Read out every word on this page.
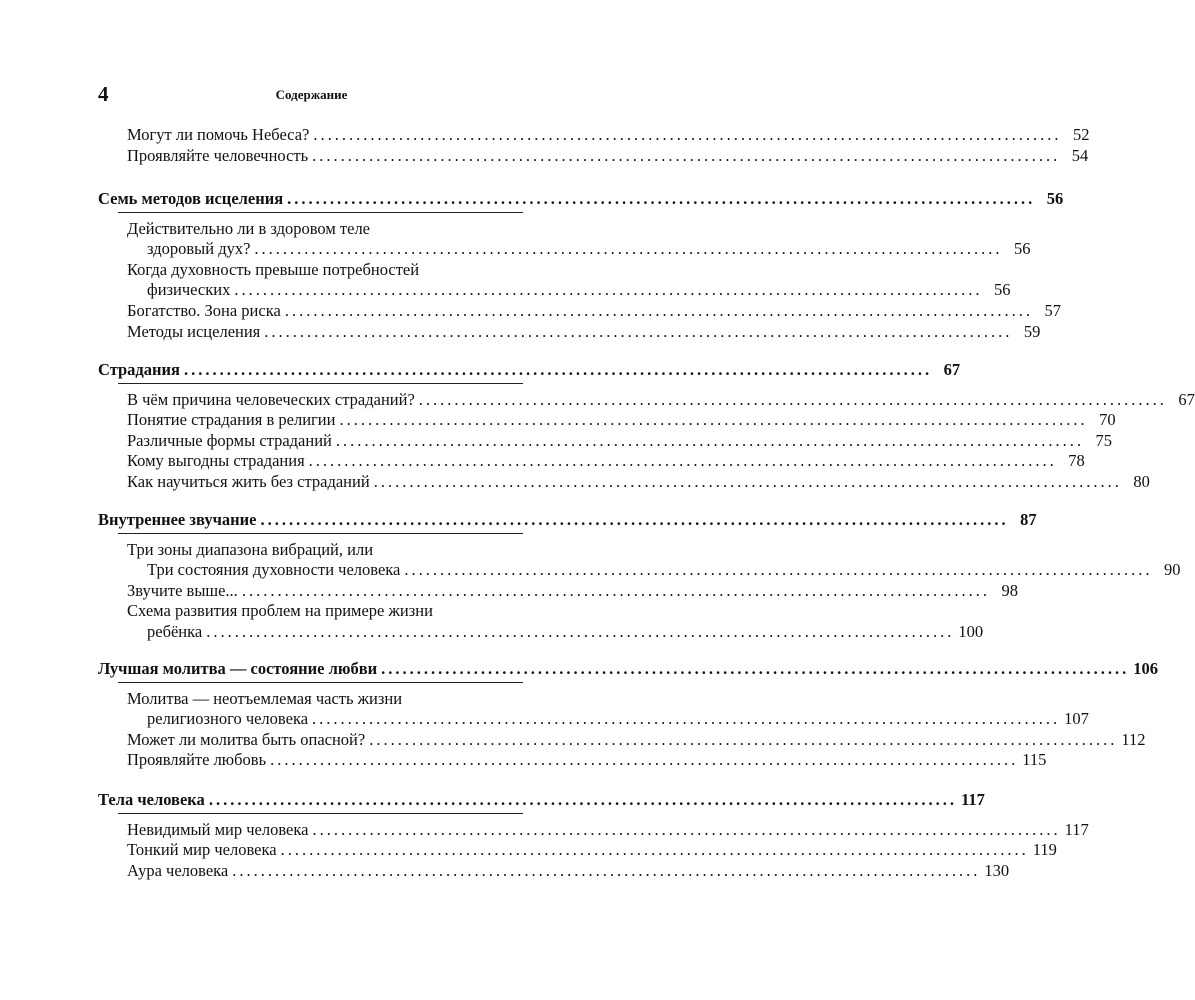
4	Содержание
Могут ли помочь Небеса? ......................................................................................................... 52
Проявляйте человечность ......................................................................................................... 54
Семь методов исцеления ......................................................................................................... 56
Действительно ли в здоровом теле
здоровый дух? ......................................................................................................... 56
Когда духовность превыше потребностей
физических ......................................................................................................... 56
Богатство. Зона риска ......................................................................................................... 57
Методы исцеления ......................................................................................................... 59
Страдания ......................................................................................................... 67
В чём причина человеческих страданий? ......................................................................................................... 67
Понятие страдания в религии ......................................................................................................... 70
Различные формы страданий ......................................................................................................... 75
Кому выгодны страдания ......................................................................................................... 78
Как научиться жить без страданий ......................................................................................................... 80
Внутреннее звучание ......................................................................................................... 87
Три зоны диапазона вибраций, или
Три состояния духовности человека ......................................................................................................... 90
Звучите выше... ......................................................................................................... 98
Схема развития проблем на примере жизни
ребёнка ......................................................................................................... 100
Лучшая молитва — состояние любви ......................................................................................................... 106
Молитва — неотъемлемая часть жизни
религиозного человека ......................................................................................................... 107
Может ли молитва быть опасной? ......................................................................................................... 112
Проявляйте любовь ......................................................................................................... 115
Тела человека ......................................................................................................... 117
Невидимый мир человека ......................................................................................................... 117
Тонкий мир человека ......................................................................................................... 119
Аура человека ......................................................................................................... 130
